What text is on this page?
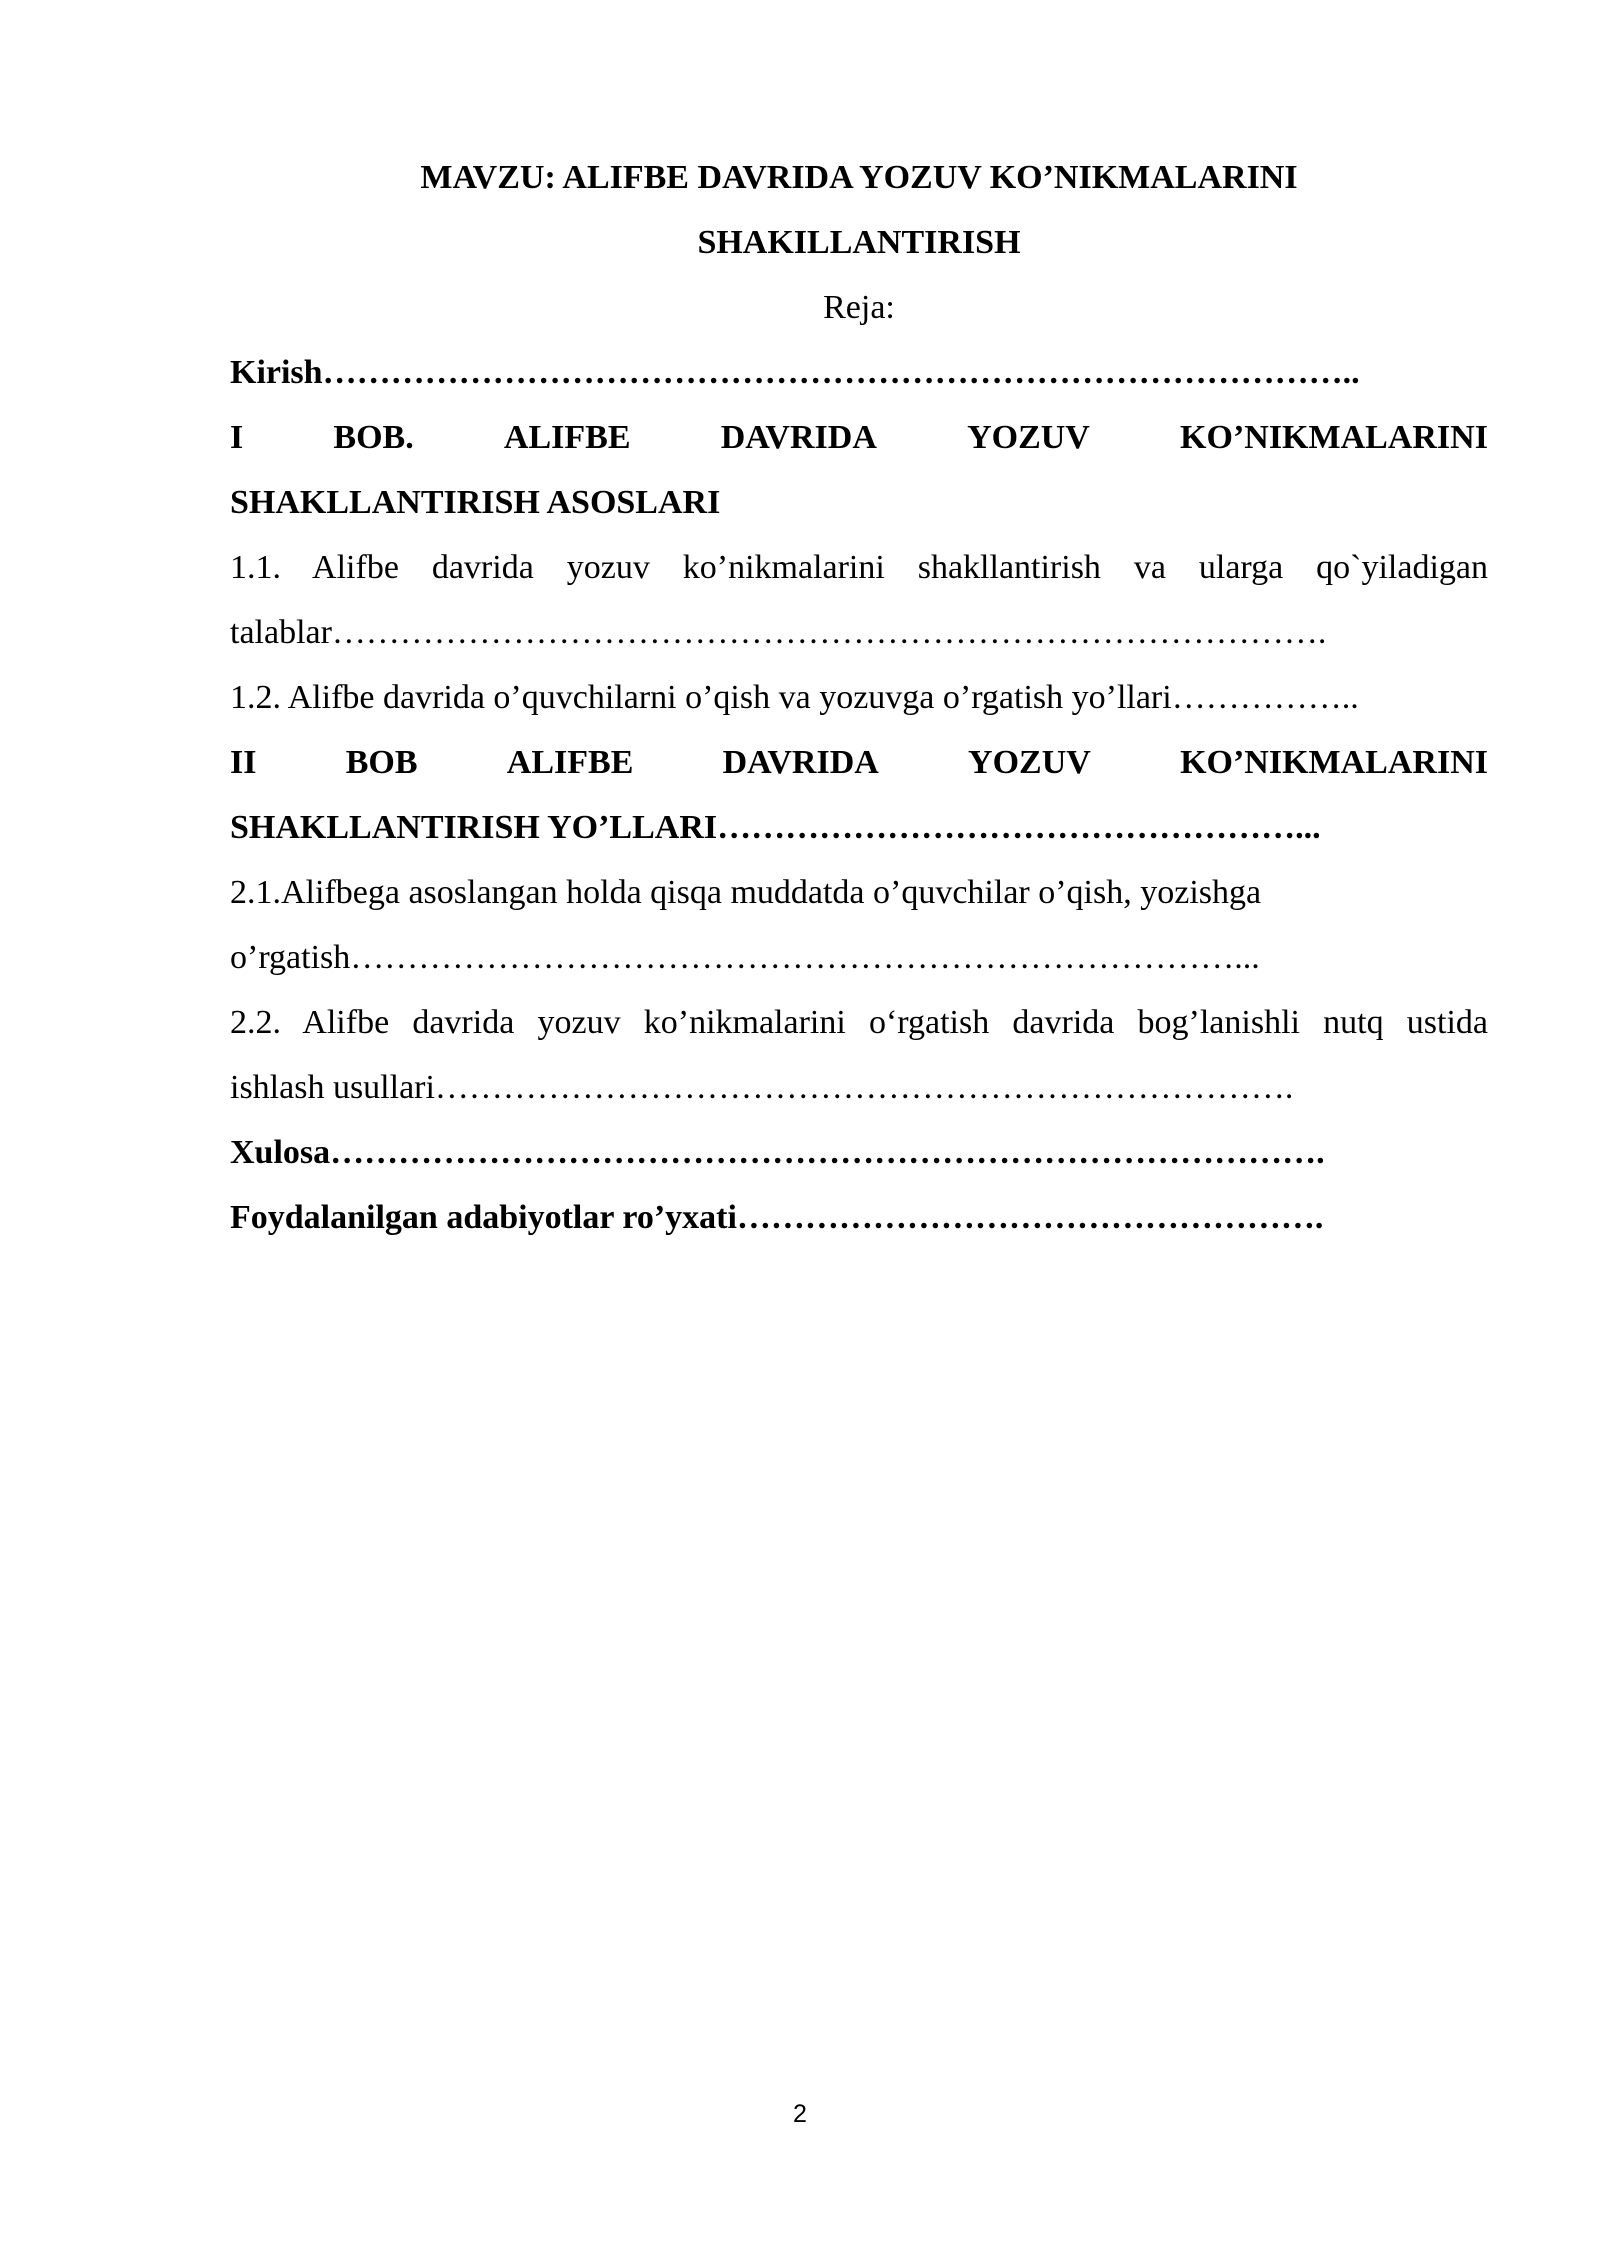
MAVZU: ALIFBE DAVRIDA YOZUV KO’NIKMALARINI
SHAKILLANTIRISH
Reja:
Kirish………………………………………………………………………………..
I	BOB.	ALIFBE	DAVRIDA	YOZUV	KO’NIKMALARINI
SHAKLLANTIRISH ASOSLARI
1.1. Alifbe davrida yozuv ko’nikmalarini shakllantirish va ularga qo`yiladigan
talablar…………………………………………………………………………….
1.2. Alifbe davrida o’quvchilarni o’qish va yozuvga o’rgatish yo’llari……………..
II	BOB	ALIFBE	DAVRIDA	YOZUV	KO’NIKMALARINI
SHAKLLANTIRISH YO’LLARI……………………………………………...
2.1.Alifbega asoslangan holda qisqa muddatda o’quvchilar o’qish, yozishga
o’rgatish……………………………………………………………………...
2.2. Alifbe davrida yozuv ko’nikmalarini o‘rgatish davrida bog’lanishli nutq ustida
ishlash usullari………………………………………………………………….
Xulosa…………………………………………………………………………….
Foydalanilgan adabiyotlar ro’yxati…………………………………………….
2
